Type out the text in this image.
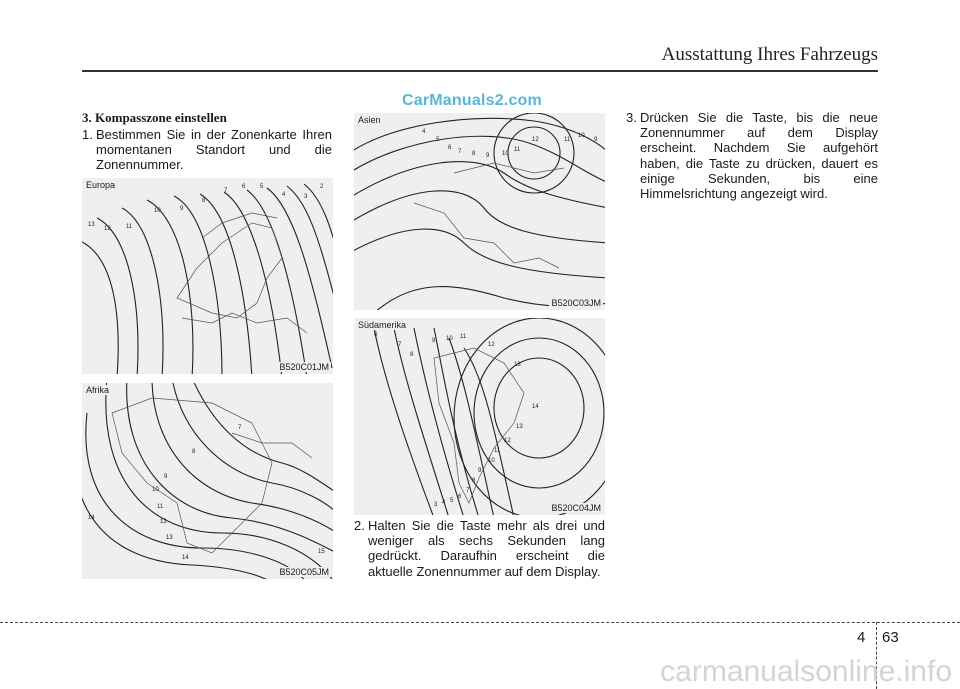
Ausstattung Ihres Fahrzeugs
CarManuals2.com
3. Kompasszone einstellen
1. Bestimmen Sie in der Zonenkarte Ihren momentanen Standort und die Zonennummer.
13
12	11
10	9
8
7
6 5
4	3
2
Europa
B520C01JM
7
8
9
10
11
12
13
14
14
15
Afrika
B520C05JM
4
5
6
7 8 9 10
11
12	11
10
9
Asien
B520C03JM
6
7
8
9 10 11
12
13
14
13
12
11
10
9
8
7
6
5
4
3
Südamerika
B520C04JM
2. Halten Sie die Taste mehr als drei und weniger als sechs Sekunden lang gedrückt. Daraufhin erscheint die aktuelle Zonennummer auf dem Display.
3. Drücken Sie die Taste, bis die neue Zonennummer auf dem Display erscheint. Nachdem Sie aufgehört haben, die Taste zu drücken, dauert es einige Sekunden, bis eine Himmelsrichtung angezeigt wird.
4 63
carmanualsonline.info
